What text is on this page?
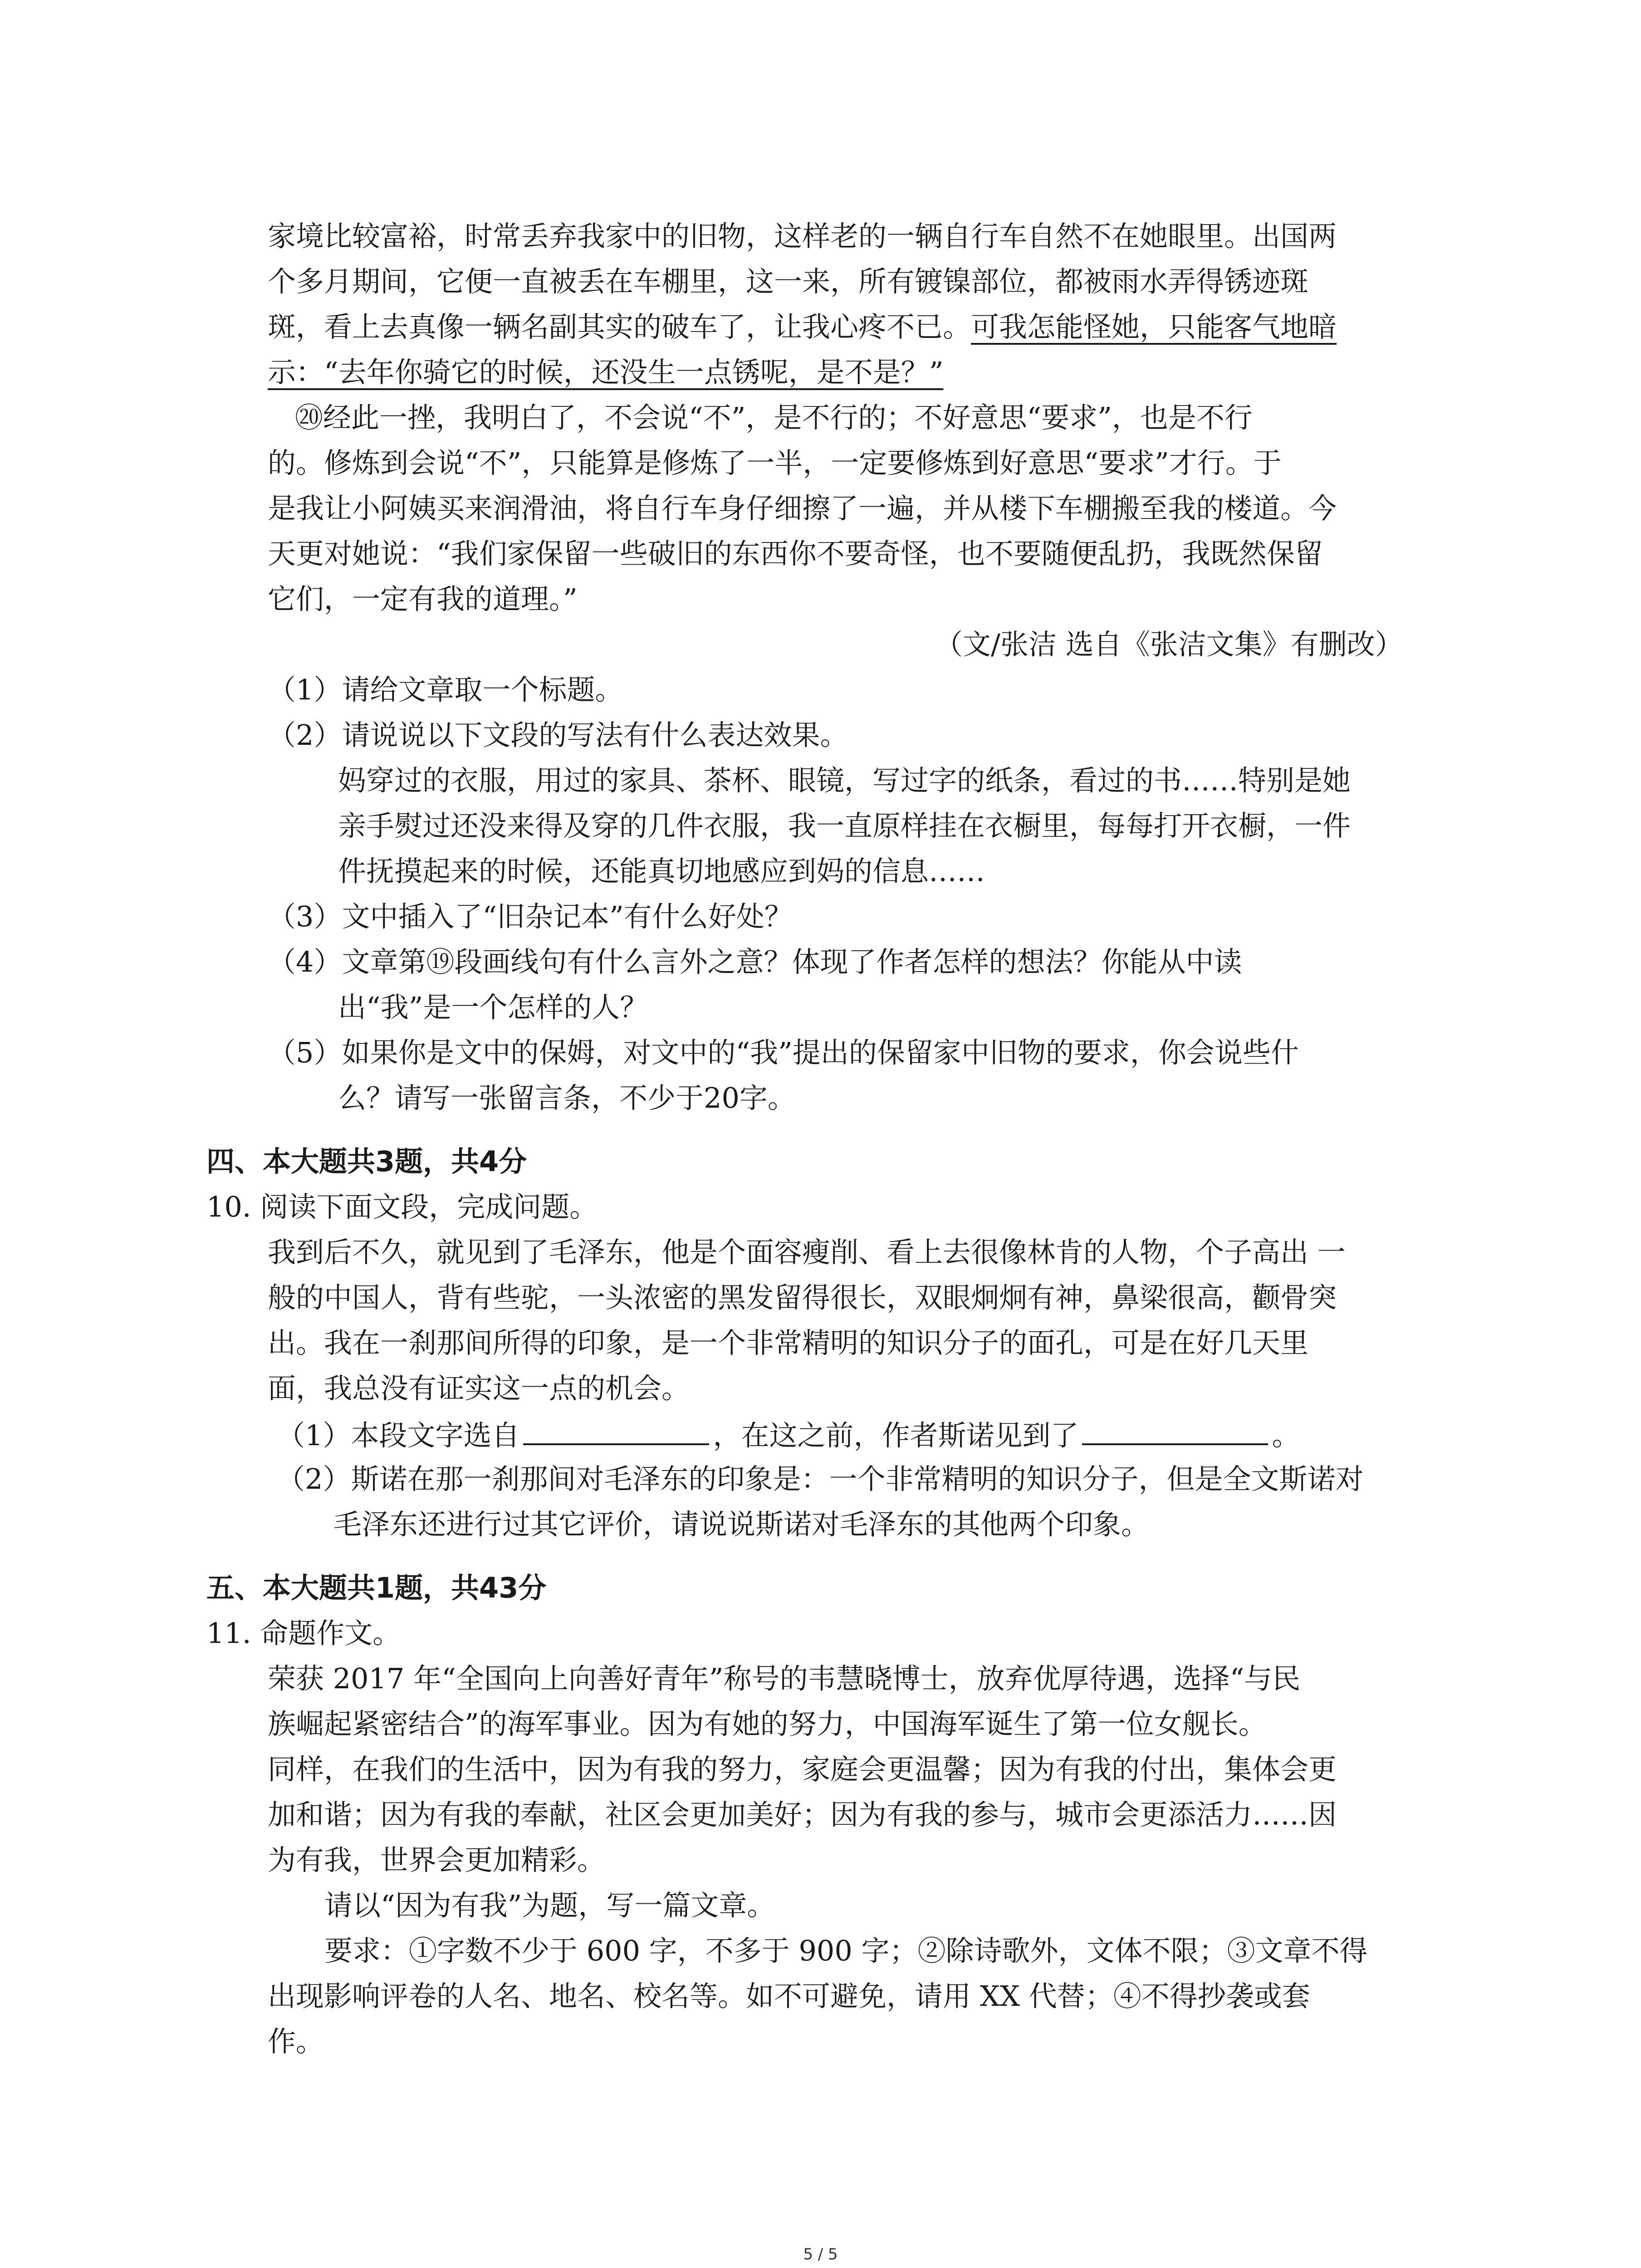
家境比较富裕，时常丢弃我家中的旧物，这样老的一辆自行车自然不在她眼里。出国两
个多月期间，它便一直被丢在车棚里，这一来，所有镀镍部位，都被雨水弄得锈迹斑
斑，看上去真像一辆名副其实的破车了，让我心疼不已。可我怎能怪她，只能客气地暗
示：“去年你骑它的时候，还没生一点锈呢，是不是？”
⑳经此一挫，我明白了，不会说“不”，是不行的；不好意思“要求”，也是不行
的。修炼到会说“不”，只能算是修炼了一半，一定要修炼到好意思“要求”才行。于
是我让小阿姨买来润滑油，将自行车身仔细擦了一遍，并从楼下车棚搬至我的楼道。今
天更对她说：“我们家保留一些破旧的东西你不要奇怪，也不要随便乱扔，我既然保留
它们，一定有我的道理。”
（文/张洁 选自《张洁文集》有删改）
（1）请给文章取一个标题。
（2）请说说以下文段的写法有什么表达效果。
妈穿过的衣服，用过的家具、茶杯、眼镜，写过字的纸条，看过的书……特别是她
亲手熨过还没来得及穿的几件衣服，我一直原样挂在衣橱里，每每打开衣橱，一件
件抚摸起来的时候，还能真切地感应到妈的信息……
（3）文中插入了“旧杂记本”有什么好处？
（4）文章第⑲段画线句有什么言外之意？体现了作者怎样的想法？你能从中读
出“我”是一个怎样的人？
（5）如果你是文中的保姆，对文中的“我”提出的保留家中旧物的要求，你会说些什
么？请写一张留言条，不少于20字。
四、本大题共3题，共4分
10. 阅读下面文段，完成问题。
我到后不久，就见到了毛泽东，他是个面容瘦削、看上去很像林肯的人物，个子高出 一
般的中国人，背有些驼，一头浓密的黑发留得很长，双眼炯炯有神，鼻梁很高，颧骨突
出。我在一刹那间所得的印象，是一个非常精明的知识分子的面孔，可是在好几天里
面，我总没有证实这一点的机会。
（1）本段文字选自	，在这之前，作者斯诺见到了	。
（2）斯诺在那一刹那间对毛泽东的印象是：一个非常精明的知识分子，但是全文斯诺对
毛泽东还进行过其它评价，请说说斯诺对毛泽东的其他两个印象。
五、本大题共1题，共43分
11. 命题作文。
荣获 2017 年“全国向上向善好青年”称号的韦慧晓博士，放弃优厚待遇，选择“与民
族崛起紧密结合”的海军事业。因为有她的努力，中国海军诞生了第一位女舰长。
同样，在我们的生活中，因为有我的努力，家庭会更温馨；因为有我的付出，集体会更
加和谐；因为有我的奉献，社区会更加美好；因为有我的参与，城市会更添活力……因
为有我，世界会更加精彩。
请以“因为有我”为题，写一篇文章。
要求：①字数不少于 600 字，不多于 900 字；②除诗歌外，文体不限；③文章不得
出现影响评卷的人名、地名、校名等。如不可避免，请用 XX 代替；④不得抄袭或套
作。
5 / 5
